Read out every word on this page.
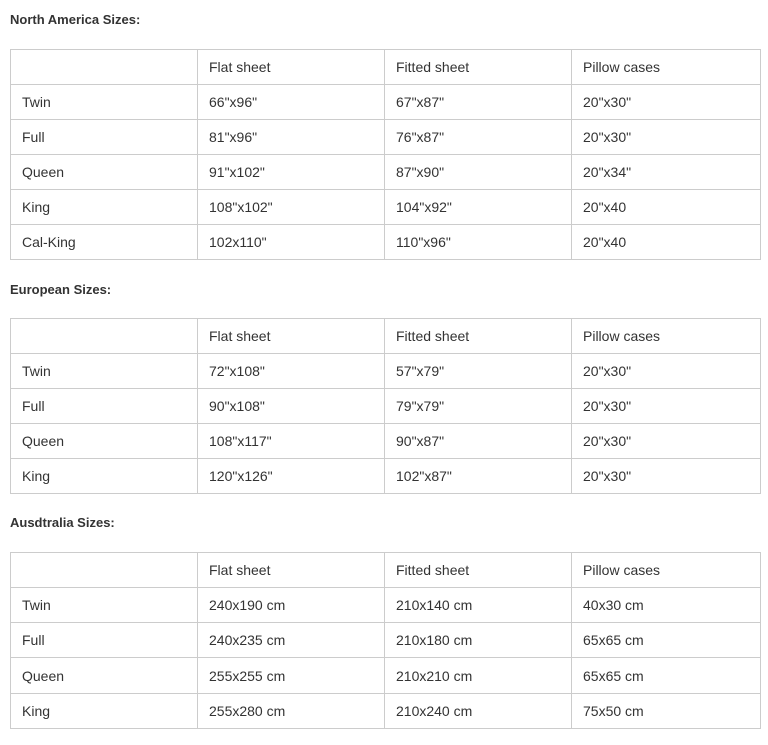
North America Sizes:
	Flat sheet	Fitted sheet	Pillow cases
Twin	66"x96"	67"x87"	20"x30"
Full	81"x96"	76"x87"	20"x30"
Queen	91"x102"	87"x90"	20"x34"
King	108"x102"	104"x92"	20"x40
Cal-King	102x110"	110"x96"	20"x40
European Sizes:
	Flat sheet	Fitted sheet	Pillow cases
Twin	72"x108"	57"x79"	20"x30"
Full	90"x108"	79"x79"	20"x30"
Queen	108"x117"	90"x87"	20"x30"
King	120"x126"	102"x87"	20"x30"
Ausdtralia Sizes:
	Flat sheet	Fitted sheet	Pillow cases
Twin	240x190 cm	210x140 cm	40x30 cm
Full	240x235 cm	210x180 cm	65x65 cm
Queen	255x255 cm	210x210 cm	65x65 cm
King	255x280 cm	210x240 cm	75x50 cm
